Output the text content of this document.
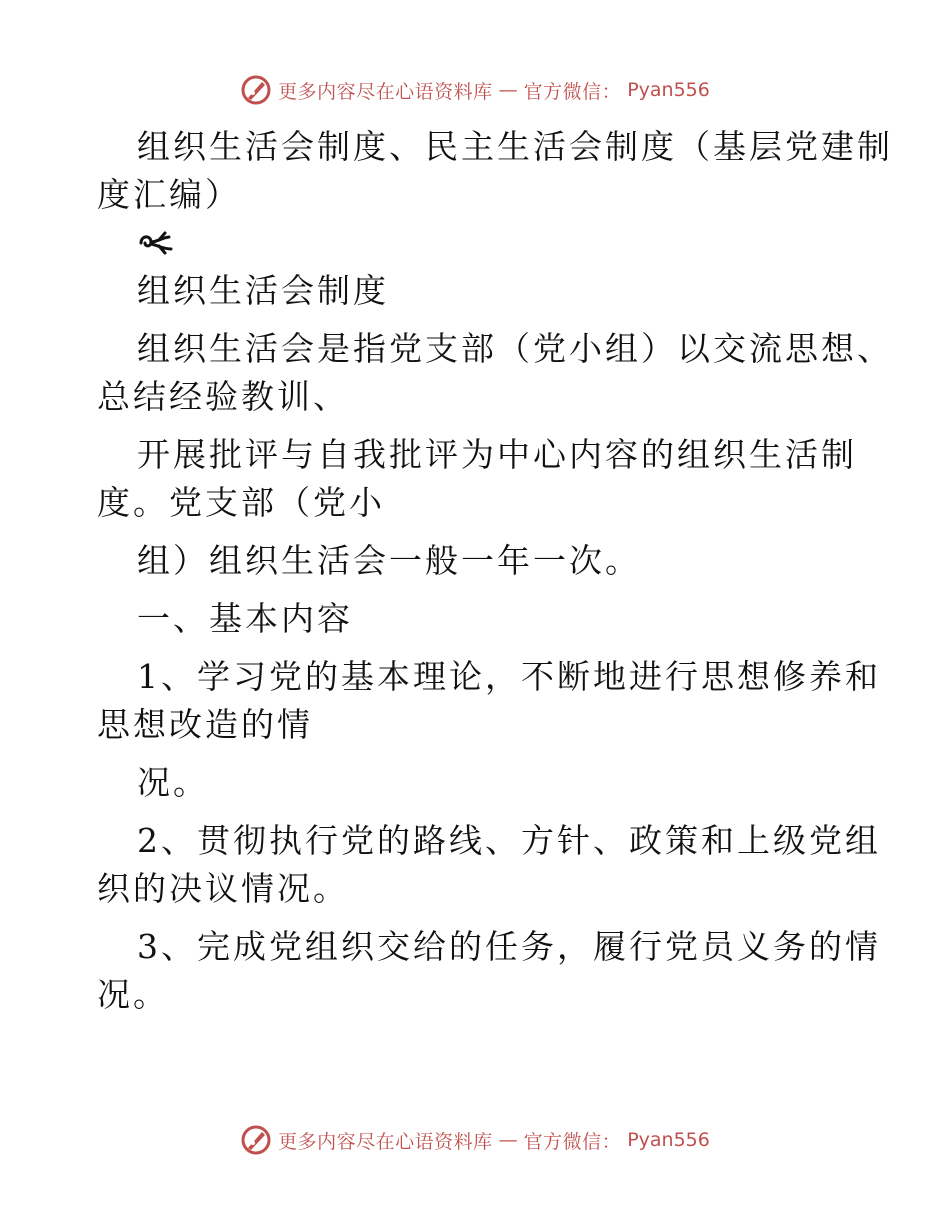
更多内容尽在心语资料库 — 官方微信： Pyan556

组织生活会制度、民主生活会制度（基层党建制

度汇编）

组织生活会制度

组织生活会是指党支部（党小组）以交流思想、

总结经验教训、

开展批评与自我批评为中心内容的组织生活制

度。党支部（党小

组）组织生活会一般一年一次。

一、基本内容

1、学习党的基本理论，不断地进行思想修养和

思想改造的情

况。

2、贯彻执行党的路线、方针、政策和上级党组

织的决议情况。

3、完成党组织交给的任务，履行党员义务的情

况。

更多内容尽在心语资料库 — 官方微信： Pyan556
